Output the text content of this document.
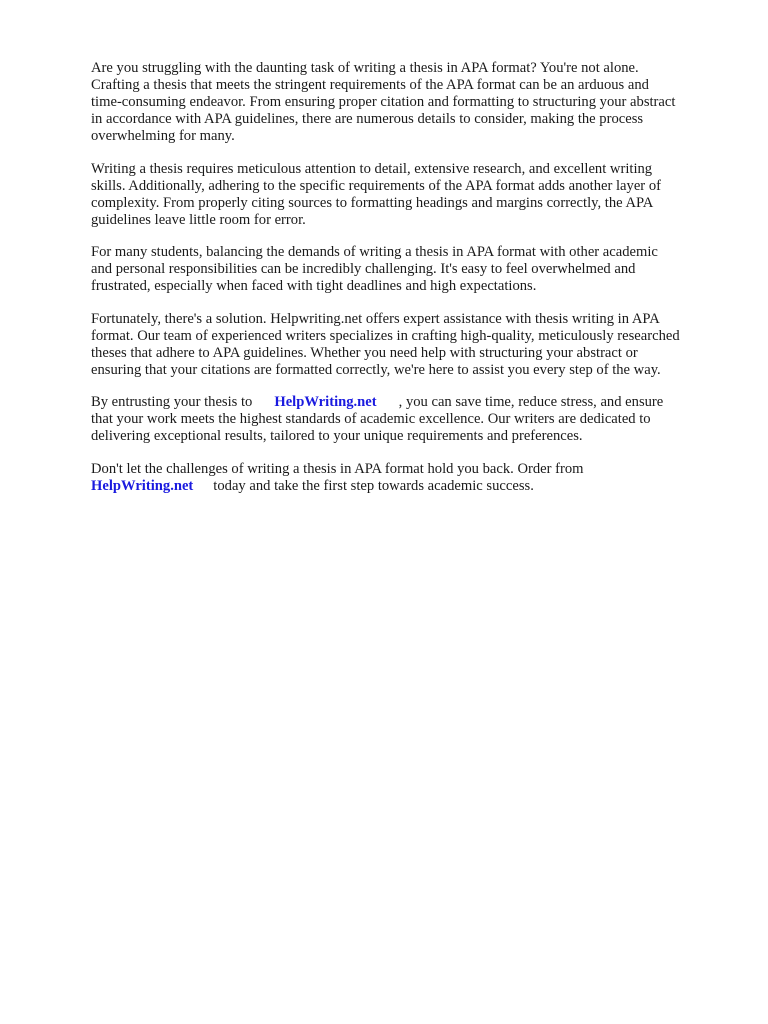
Are you struggling with the daunting task of writing a thesis in APA format? You're not alone.
Crafting a thesis that meets the stringent requirements of the APA format can be an arduous and
time-consuming endeavor. From ensuring proper citation and formatting to structuring your abstract
in accordance with APA guidelines, there are numerous details to consider, making the process
overwhelming for many.

Writing a thesis requires meticulous attention to detail, extensive research, and excellent writing
skills. Additionally, adhering to the specific requirements of the APA format adds another layer of
complexity. From properly citing sources to formatting headings and margins correctly, the APA
guidelines leave little room for error.

For many students, balancing the demands of writing a thesis in APA format with other academic
and personal responsibilities can be incredibly challenging. It's easy to feel overwhelmed and
frustrated, especially when faced with tight deadlines and high expectations.

Fortunately, there's a solution. Helpwriting.net offers expert assistance with thesis writing in APA
format. Our team of experienced writers specializes in crafting high-quality, meticulously researched
theses that adhere to APA guidelines. Whether you need help with structuring your abstract or
ensuring that your citations are formatted correctly, we're here to assist you every step of the way.

By entrusting your thesis to HelpWriting.net , you can save time, reduce stress, and ensure
that your work meets the highest standards of academic excellence. Our writers are dedicated to
delivering exceptional results, tailored to your unique requirements and preferences.

Don't let the challenges of writing a thesis in APA format hold you back. Order from
HelpWriting.net today and take the first step towards academic success.
